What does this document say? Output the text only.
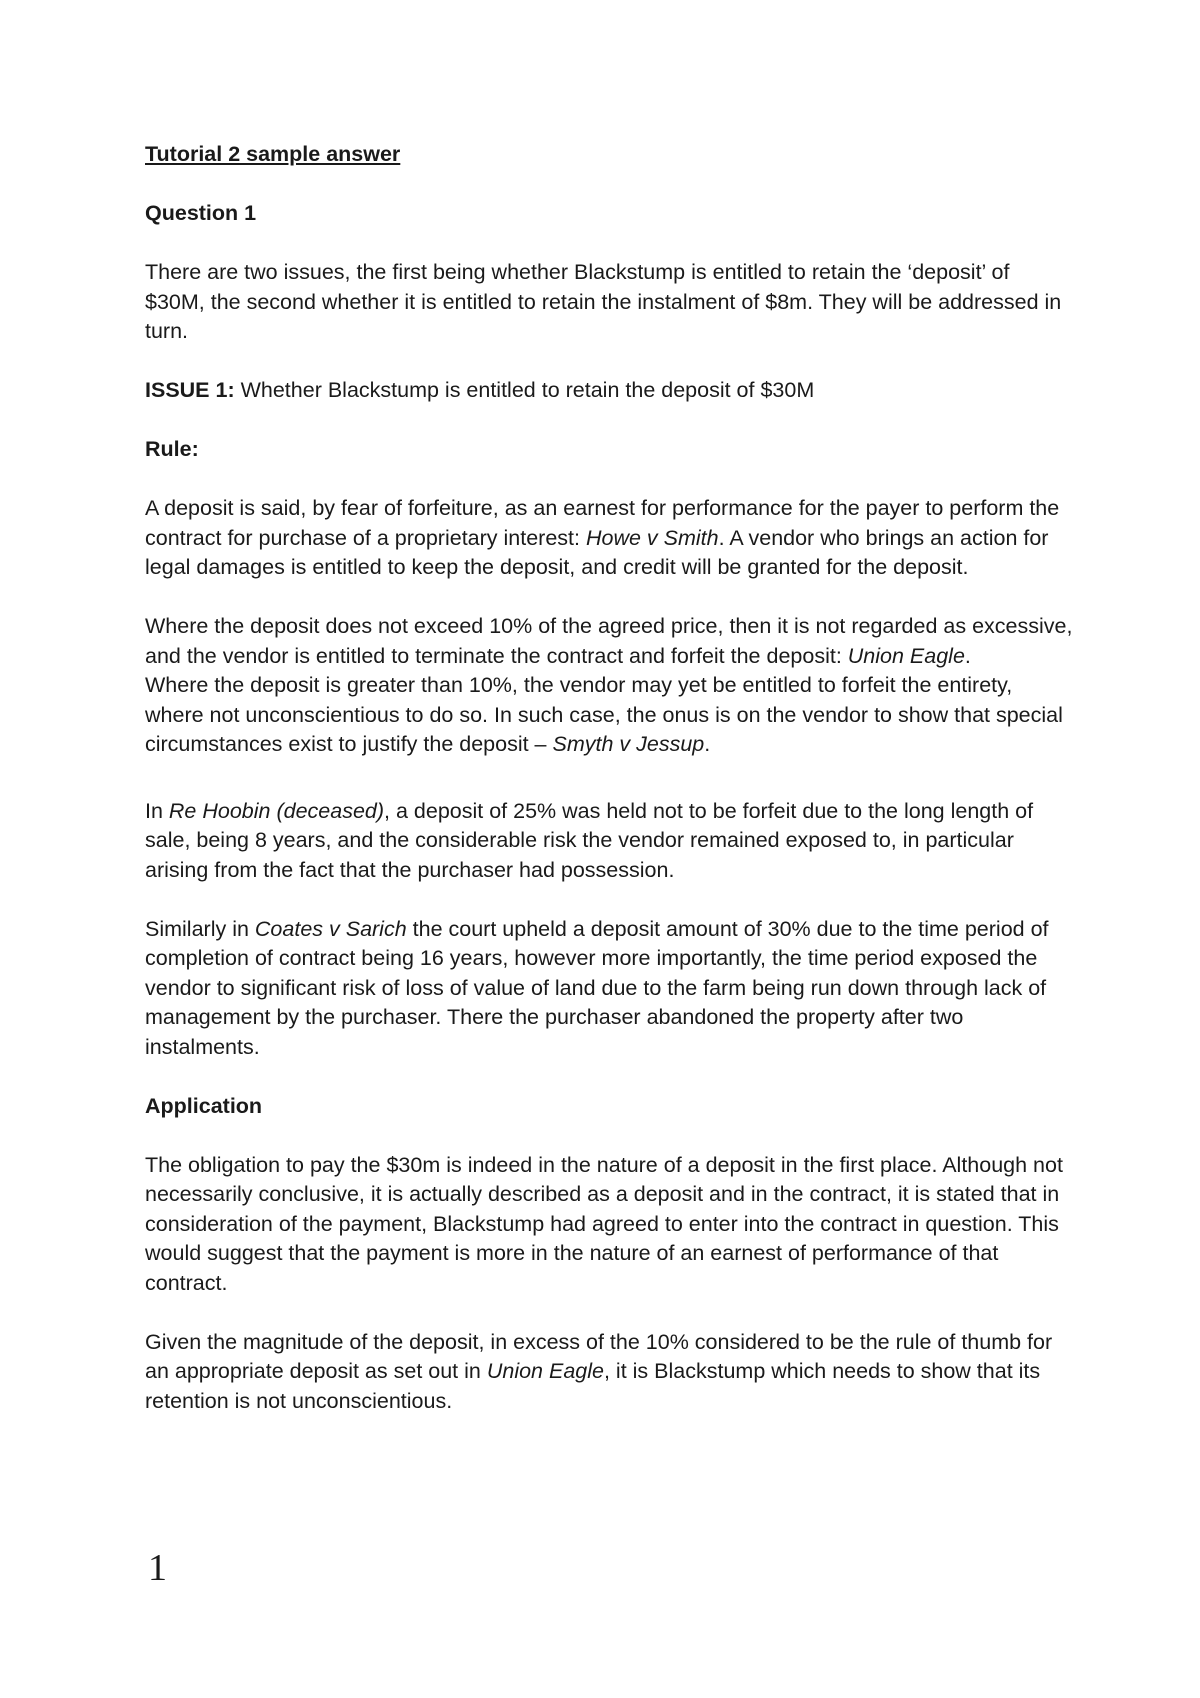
Tutorial 2 sample answer

Question 1

There are two issues, the first being whether Blackstump is entitled to retain the ‘deposit’ of $30M, the second whether it is entitled to retain the instalment of $8m. They will be addressed in turn.

ISSUE 1: Whether Blackstump is entitled to retain the deposit of $30M

Rule:

A deposit is said, by fear of forfeiture, as an earnest for performance for the payer to perform the contract for purchase of a proprietary interest: Howe v Smith. A vendor who brings an action for legal damages is entitled to keep the deposit, and credit will be granted for the deposit.

Where the deposit does not exceed 10% of the agreed price, then it is not regarded as excessive, and the vendor is entitled to terminate the contract and forfeit the deposit: Union Eagle.

Where the deposit is greater than 10%, the vendor may yet be entitled to forfeit the entirety, where not unconscientious to do so. In such case, the onus is on the vendor to show that special circumstances exist to justify the deposit – Smyth v Jessup.

In Re Hoobin (deceased), a deposit of 25% was held not to be forfeit due to the long length of sale, being 8 years, and the considerable risk the vendor remained exposed to, in particular arising from the fact that the purchaser had possession.

Similarly in Coates v Sarich the court upheld a deposit amount of 30% due to the time period of completion of contract being 16 years, however more importantly, the time period exposed the vendor to significant risk of loss of value of land due to the farm being run down through lack of management by the purchaser. There the purchaser abandoned the property after two instalments.

Application

The obligation to pay the $30m is indeed in the nature of a deposit in the first place. Although not necessarily conclusive, it is actually described as a deposit and in the contract, it is stated that in consideration of the payment, Blackstump had agreed to enter into the contract in question. This would suggest that the payment is more in the nature of an earnest of performance of that contract.

Given the magnitude of the deposit, in excess of the 10% considered to be the rule of thumb for an appropriate deposit as set out in Union Eagle, it is Blackstump which needs to show that its retention is not unconscientious.

1
